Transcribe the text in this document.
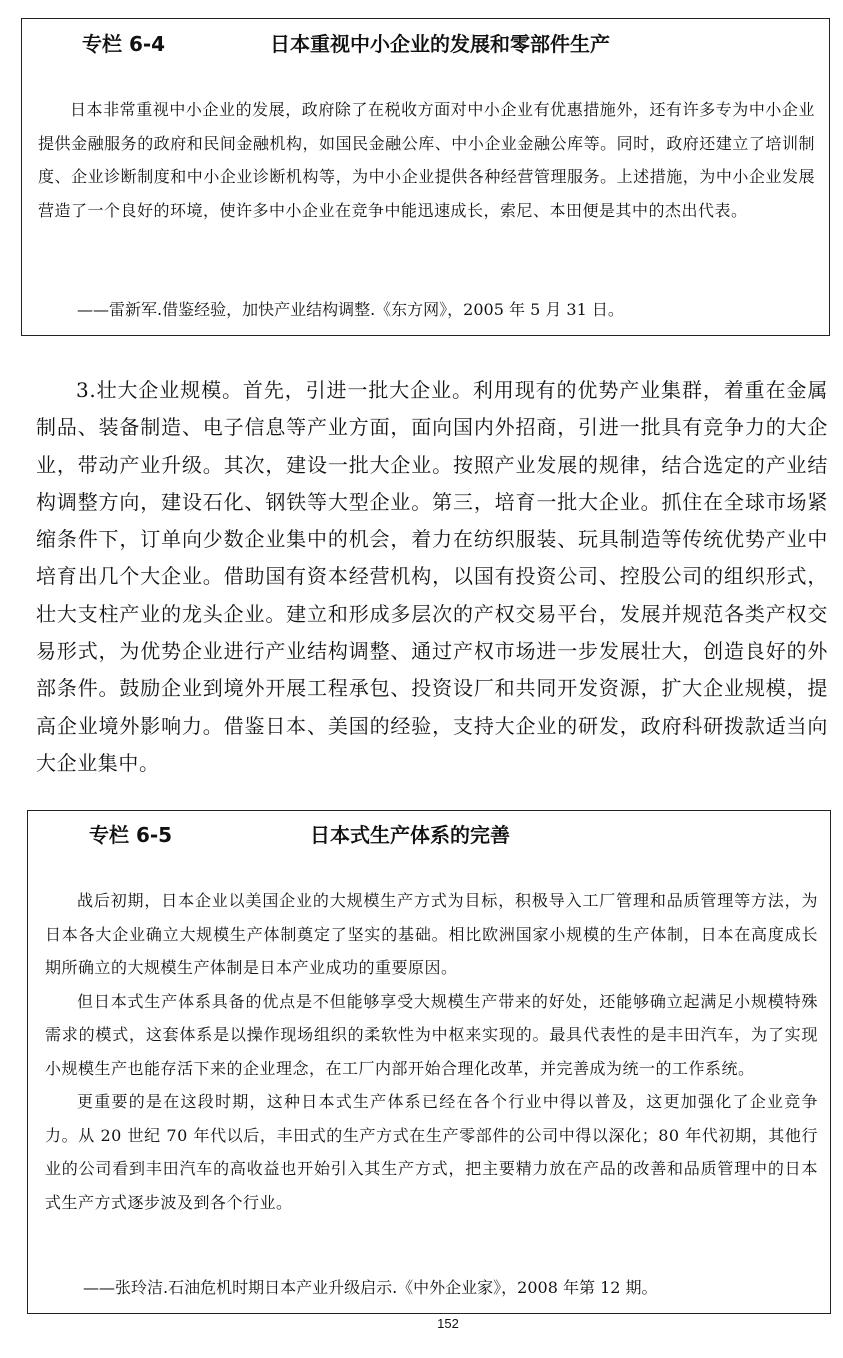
专栏 6-4	日本重视中小企业的发展和零部件生产

日本非常重视中小企业的发展，政府除了在税收方面对中小企业有优惠措施外，还有许多专为中小企业提供金融服务的政府和民间金融机构，如国民金融公库、中小企业金融公库等。同时，政府还建立了培训制度、企业诊断制度和中小企业诊断机构等，为中小企业提供各种经营管理服务。上述措施，为中小企业发展营造了一个良好的环境，使许多中小企业在竞争中能迅速成长，索尼、本田便是其中的杰出代表。

——雷新军.借鉴经验，加快产业结构调整.《东方网》，2005 年 5 月 31 日。

3.壮大企业规模。首先，引进一批大企业。利用现有的优势产业集群，着重在金属制品、装备制造、电子信息等产业方面，面向国内外招商，引进一批具有竞争力的大企业，带动产业升级。其次，建设一批大企业。按照产业发展的规律，结合选定的产业结构调整方向，建设石化、钢铁等大型企业。第三，培育一批大企业。抓住在全球市场紧缩条件下，订单向少数企业集中的机会，着力在纺织服装、玩具制造等传统优势产业中培育出几个大企业。借助国有资本经营机构，以国有投资公司、控股公司的组织形式，壮大支柱产业的龙头企业。建立和形成多层次的产权交易平台，发展并规范各类产权交易形式，为优势企业进行产业结构调整、通过产权市场进一步发展壮大，创造良好的外部条件。鼓励企业到境外开展工程承包、投资设厂和共同开发资源，扩大企业规模，提高企业境外影响力。借鉴日本、美国的经验，支持大企业的研发，政府科研拨款适当向大企业集中。

专栏 6-5	日本式生产体系的完善

战后初期，日本企业以美国企业的大规模生产方式为目标，积极导入工厂管理和品质管理等方法，为日本各大企业确立大规模生产体制奠定了坚实的基础。相比欧洲国家小规模的生产体制，日本在高度成长期所确立的大规模生产体制是日本产业成功的重要原因。

但日本式生产体系具备的优点是不但能够享受大规模生产带来的好处，还能够确立起满足小规模特殊需求的模式，这套体系是以操作现场组织的柔软性为中枢来实现的。最具代表性的是丰田汽车，为了实现小规模生产也能存活下来的企业理念，在工厂内部开始合理化改革，并完善成为统一的工作系统。

更重要的是在这段时期，这种日本式生产体系已经在各个行业中得以普及，这更加强化了企业竞争力。从 20 世纪 70 年代以后，丰田式的生产方式在生产零部件的公司中得以深化；80 年代初期，其他行业的公司看到丰田汽车的高收益也开始引入其生产方式，把主要精力放在产品的改善和品质管理中的日本式生产方式逐步波及到各个行业。

——张玲洁.石油危机时期日本产业升级启示.《中外企业家》，2008 年第 12 期。
152
